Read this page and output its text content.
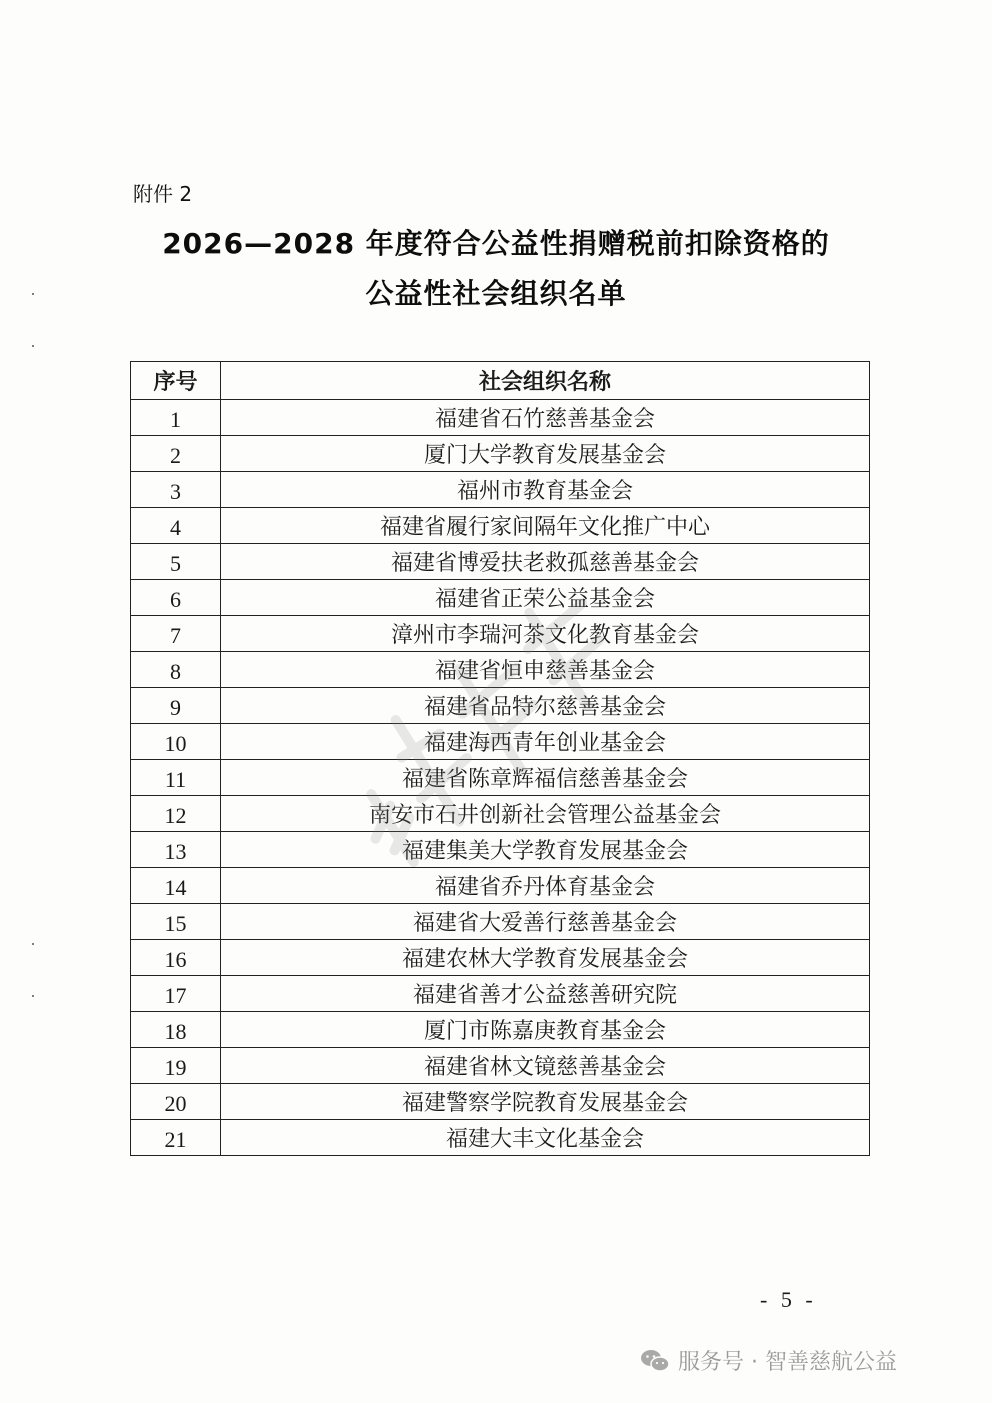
附件 2
2026—2028 年度符合公益性捐赠税前扣除资格的
公益性社会组织名单
序号	社会组织名称
1	福建省石竹慈善基金会
2	厦门大学教育发展基金会
3	福州市教育基金会
4	福建省履行家间隔年文化推广中心
5	福建省博爱扶老救孤慈善基金会
6	福建省正荣公益基金会
7	漳州市李瑞河茶文化教育基金会
8	福建省恒申慈善基金会
9	福建省品特尔慈善基金会
10	福建海西青年创业基金会
11	福建省陈章辉福信慈善基金会
12	南安市石井创新社会管理公益基金会
13	福建集美大学教育发展基金会
14	福建省乔丹体育基金会
15	福建省大爱善行慈善基金会
16	福建农林大学教育发展基金会
17	福建省善才公益慈善研究院
18	厦门市陈嘉庚教育基金会
19	福建省林文镜慈善基金会
20	福建警察学院教育发展基金会
21	福建大丰文化基金会
- 5 -
服务号 · 智善慈航公益
